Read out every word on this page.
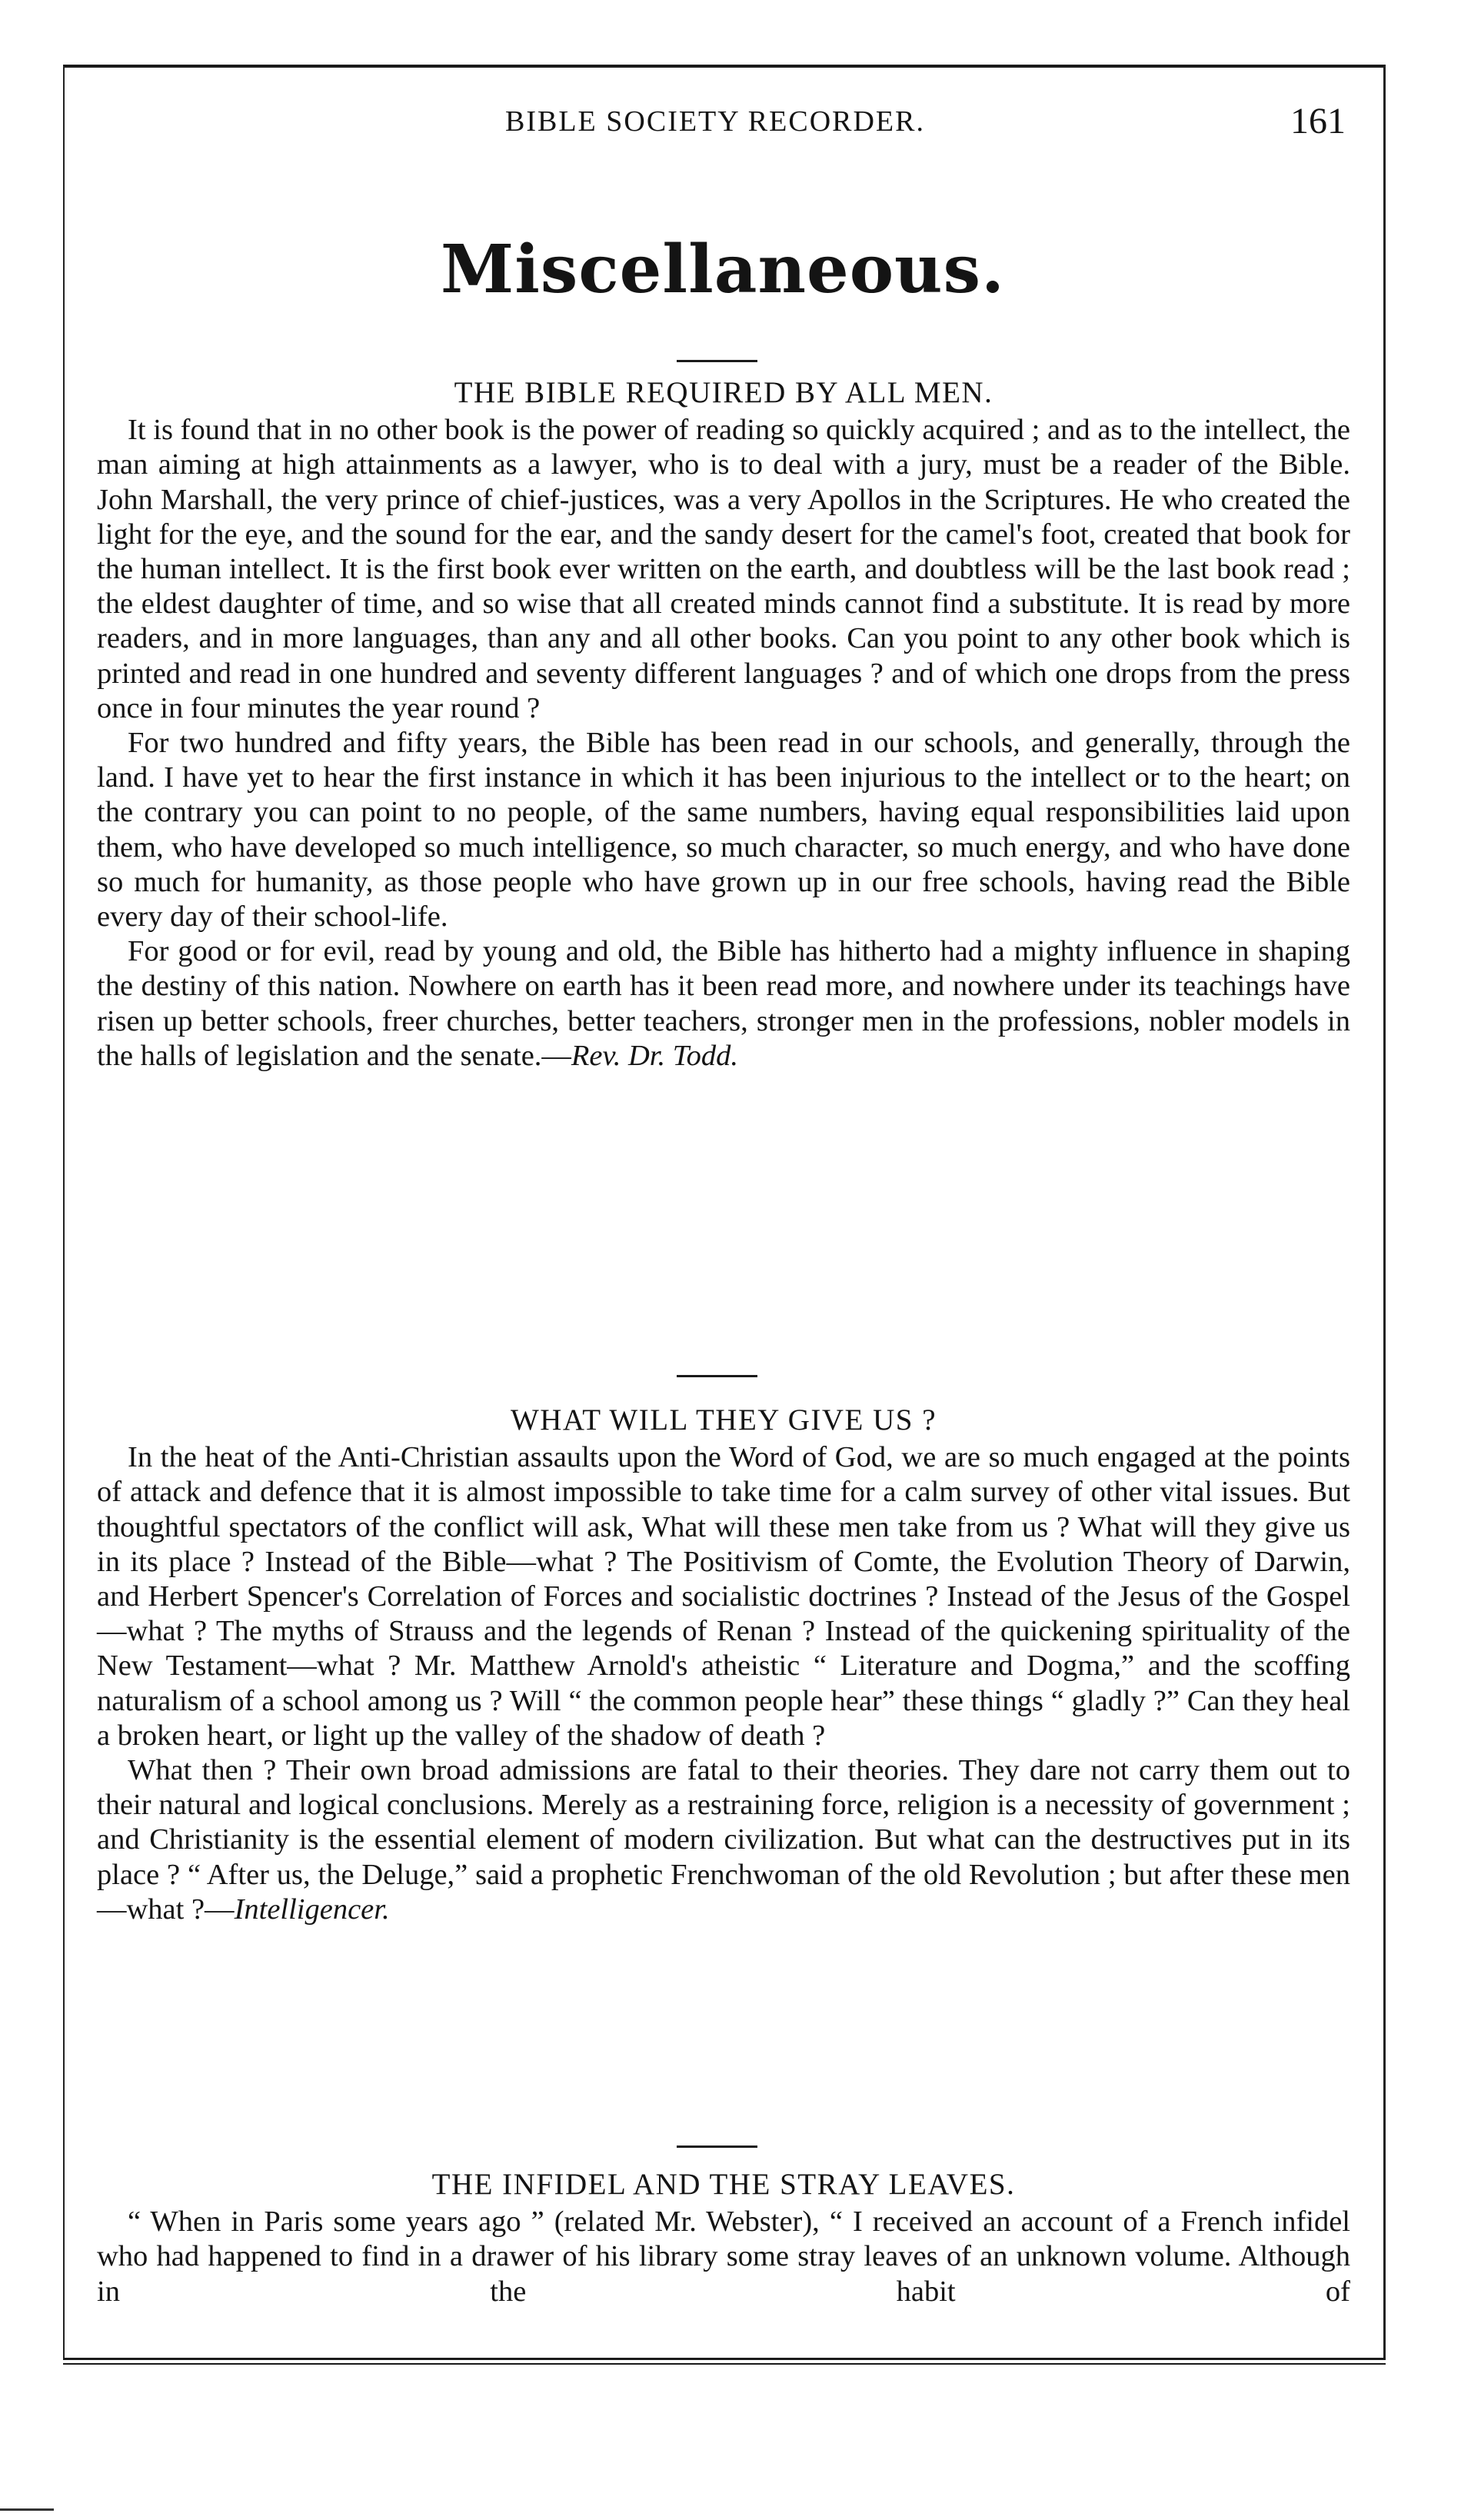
BIBLE SOCIETY RECORDER.	161
Miscellaneous.
THE BIBLE REQUIRED BY ALL MEN.

It is found that in no other book is the power of reading so quickly acquired ; and as to the intellect, the man aiming at high attainments as a lawyer, who is to deal with a jury, must be a reader of the Bible. John Marshall, the very prince of chief-justices, was a very Apollos in the Scriptures. He who created the light for the eye, and the sound for the ear, and the sandy desert for the camel's foot, created that book for the human intellect. It is the first book ever written on the earth, and doubtless will be the last book read ; the eldest daughter of time, and so wise that all created minds cannot find a substitute. It is read by more readers, and in more languages, than any and all other books. Can you point to any other book which is printed and read in one hundred and seventy different languages ? and of which one drops from the press once in four minutes the year round ?

For two hundred and fifty years, the Bible has been read in our schools, and generally, through the land. I have yet to hear the first instance in which it has been injurious to the intellect or to the heart; on the contrary you can point to no people, of the same numbers, having equal responsibilities laid upon them, who have developed so much intelligence, so much character, so much energy, and who have done so much for humanity, as those people who have grown up in our free schools, having read the Bible every day of their school-life.

For good or for evil, read by young and old, the Bible has hitherto had a mighty influence in shaping the destiny of this nation. Nowhere on earth has it been read more, and nowhere under its teachings have risen up better schools, freer churches, better teachers, stronger men in the professions, nobler models in the halls of legislation and the senate.—Rev. Dr. Todd.

WHAT WILL THEY GIVE US ?

In the heat of the Anti-Christian assaults upon the Word of God, we are so much engaged at the points of attack and defence that it is almost impossible to take time for a calm survey of other vital issues. But thoughtful spectators of the conflict will ask, What will these men take from us ? What will they give us in its place ? Instead of the Bible—what ? The Positivism of Comte, the Evolution Theory of Darwin, and Herbert Spencer's Correlation of Forces and socialistic doctrines ? Instead of the Jesus of the Gospel—what ? The myths of Strauss and the legends of Renan ? Instead of the quickening spirituality of the New Testament—what ? Mr. Matthew Arnold's atheistic “ Literature and Dogma,” and the scoffing naturalism of a school among us ? Will “ the common people hear” these things “ gladly ?” Can they heal a broken heart, or light up the valley of the shadow of death ?

What then ? Their own broad admissions are fatal to their theories. They dare not carry them out to their natural and logical conclusions. Merely as a restraining force, religion is a necessity of government ; and Christianity is the essential element of modern civilization. But what can the destructives put in its place ? “ After us, the Deluge,” said a prophetic Frenchwoman of the old Revolution ; but after these men—what ?—Intelligencer.

THE INFIDEL AND THE STRAY LEAVES.

“ When in Paris some years ago ” (related Mr. Webster), “ I received an account of a French infidel who had happened to find in a drawer of his library some stray leaves of an unknown volume. Although in the habit of
